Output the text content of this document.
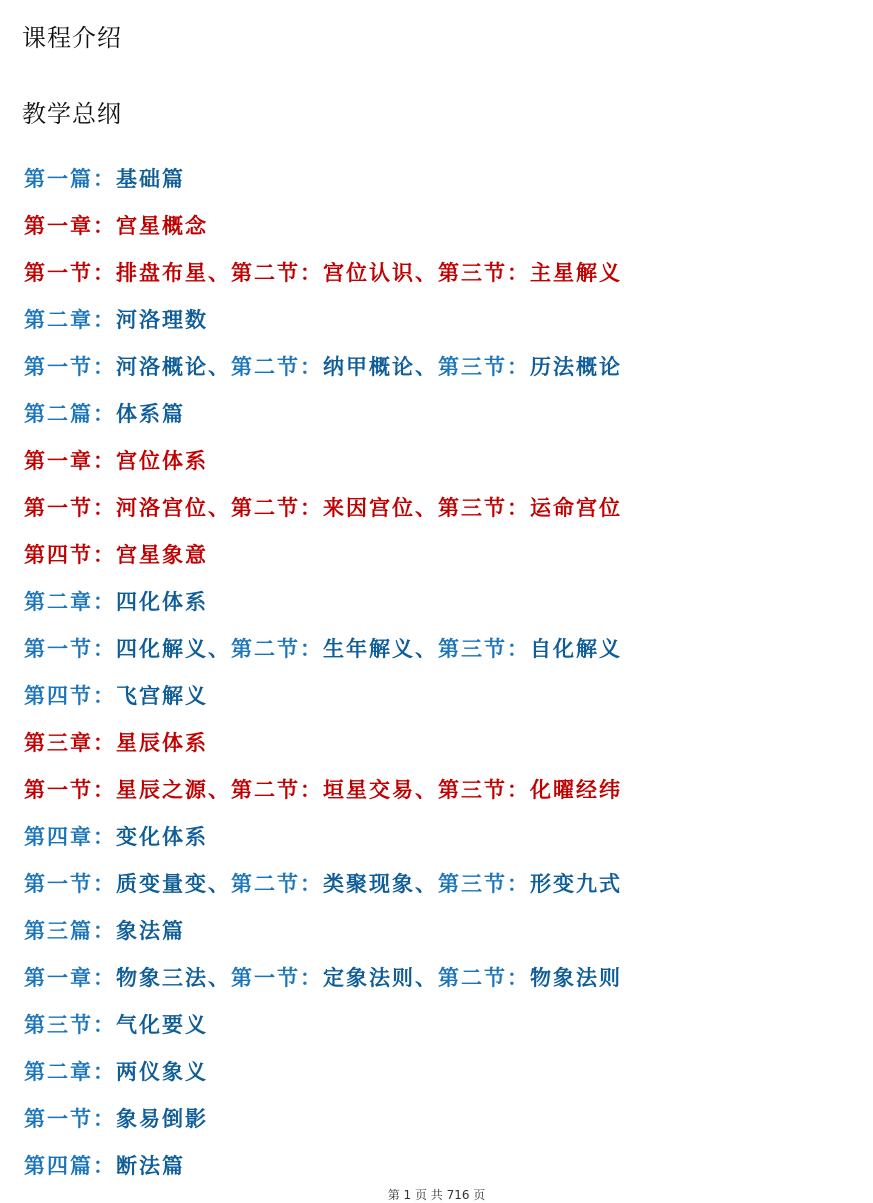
课程介绍
教学总纲
第一篇：基础篇
第一章：宫星概念
第一节：排盘布星、第二节：宫位认识、第三节：主星解义
第二章：河洛理数
第一节：河洛概论、第二节：纳甲概论、第三节：历法概论
第二篇：体系篇
第一章：宫位体系
第一节：河洛宫位、第二节：来因宫位、第三节：运命宫位
第四节：宫星象意
第二章：四化体系
第一节：四化解义、第二节：生年解义、第三节：自化解义
第四节：飞宫解义
第三章：星辰体系
第一节：星辰之源、第二节：垣星交易、第三节：化曜经纬
第四章：变化体系
第一节：质变量变、第二节：类聚现象、第三节：形变九式
第三篇：象法篇
第一章：物象三法、第一节：定象法则、第二节：物象法则
第三节：气化要义
第二章：两仪象义
第一节：象易倒影
第四篇：断法篇
第 1 页 共 716 页
